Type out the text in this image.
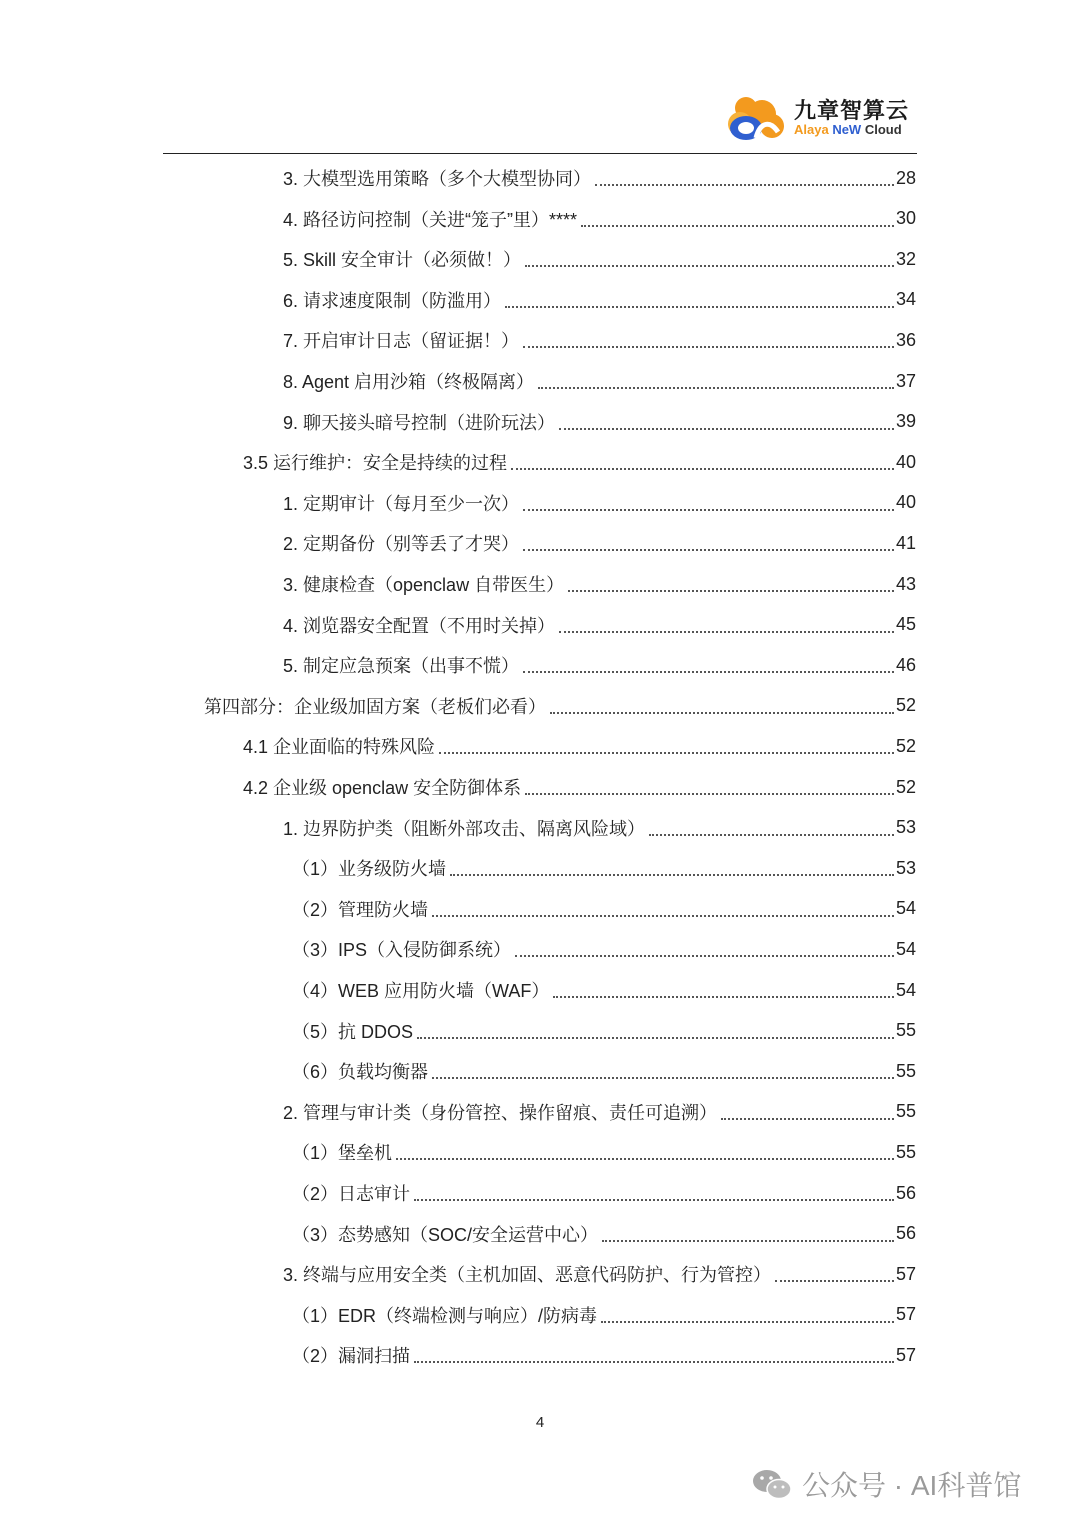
九章智算云
Alaya NeW Cloud
3. 大模型选用策略（多个大模型协同）	28
4. 路径访问控制（关进“笼子”里）****	30
5. Skill 安全审计（必须做！）	32
6. 请求速度限制（防滥用）	34
7. 开启审计日志（留证据！）	36
8. Agent 启用沙箱（终极隔离）	37
9. 聊天接头暗号控制（进阶玩法）	39
3.5 运行维护：安全是持续的过程	40
1. 定期审计（每月至少一次）	40
2. 定期备份（别等丢了才哭）	41
3. 健康检查（openclaw 自带医生）	43
4. 浏览器安全配置（不用时关掉）	45
5. 制定应急预案（出事不慌）	46
第四部分：企业级加固方案（老板们必看）	52
4.1 企业面临的特殊风险	52
4.2 企业级 openclaw 安全防御体系	52
1. 边界防护类（阻断外部攻击、隔离风险域）	53
（1）业务级防火墙	53
（2）管理防火墙	54
（3）IPS（入侵防御系统）	54
（4）WEB 应用防火墙（WAF）	54
（5）抗 DDOS	55
（6）负载均衡器	55
2. 管理与审计类（身份管控、操作留痕、责任可追溯）	55
（1）堡垒机	55
（2）日志审计	56
（3）态势感知（SOC/安全运营中心）	56
3. 终端与应用安全类（主机加固、恶意代码防护、行为管控）	57
（1）EDR（终端检测与响应）/防病毒	57
（2）漏洞扫描	57
4
公众号 · AI科普馆
